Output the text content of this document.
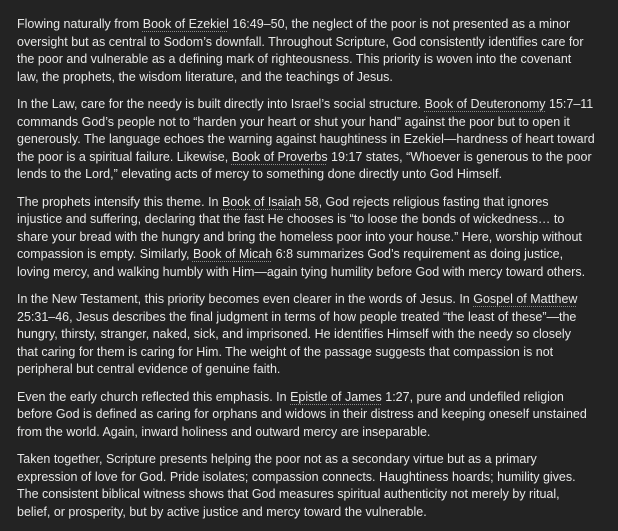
Flowing naturally from Book of Ezekiel 16:49–50, the neglect of the poor is not presented as a minor oversight but as central to Sodom’s downfall. Throughout Scripture, God consistently identifies care for the poor and vulnerable as a defining mark of righteousness. This priority is woven into the covenant law, the prophets, the wisdom literature, and the teachings of Jesus.

In the Law, care for the needy is built directly into Israel’s social structure. Book of Deuteronomy 15:7–11 commands God’s people not to “harden your heart or shut your hand” against the poor but to open it generously. The language echoes the warning against haughtiness in Ezekiel—hardness of heart toward the poor is a spiritual failure. Likewise, Book of Proverbs 19:17 states, “Whoever is generous to the poor lends to the Lord,” elevating acts of mercy to something done directly unto God Himself.

The prophets intensify this theme. In Book of Isaiah 58, God rejects religious fasting that ignores injustice and suffering, declaring that the fast He chooses is “to loose the bonds of wickedness… to share your bread with the hungry and bring the homeless poor into your house.” Here, worship without compassion is empty. Similarly, Book of Micah 6:8 summarizes God’s requirement as doing justice, loving mercy, and walking humbly with Him—again tying humility before God with mercy toward others.

In the New Testament, this priority becomes even clearer in the words of Jesus. In Gospel of Matthew 25:31–46, Jesus describes the final judgment in terms of how people treated “the least of these”—the hungry, thirsty, stranger, naked, sick, and imprisoned. He identifies Himself with the needy so closely that caring for them is caring for Him. The weight of the passage suggests that compassion is not peripheral but central evidence of genuine faith.

Even the early church reflected this emphasis. In Epistle of James 1:27, pure and undefiled religion before God is defined as caring for orphans and widows in their distress and keeping oneself unstained from the world. Again, inward holiness and outward mercy are inseparable.

Taken together, Scripture presents helping the poor not as a secondary virtue but as a primary expression of love for God. Pride isolates; compassion connects. Haughtiness hoards; humility gives. The consistent biblical witness shows that God measures spiritual authenticity not merely by ritual, belief, or prosperity, but by active justice and mercy toward the vulnerable.
